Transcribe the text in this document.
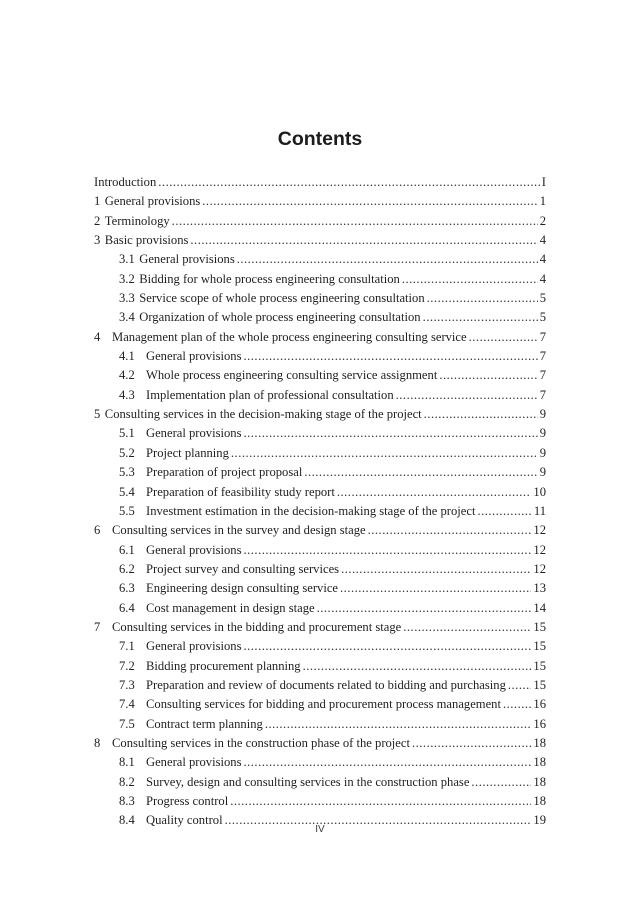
Contents
Introduction .....	I
1 General provisions .....	1
2 Terminology .....	2
3 Basic provisions .....	4
3.1 General provisions .....	4
3.2 Bidding for whole process engineering consultation .....	4
3.3 Service scope of whole process engineering consultation .....	5
3.4 Organization of whole process engineering consultation .....	5
4 Management plan of the whole process engineering consulting service .....	7
4.1 General provisions .....	7
4.2 Whole process engineering consulting service assignment .....	7
4.3 Implementation plan of professional consultation .....	7
5 Consulting services in the decision-making stage of the project .....	9
5.1 General provisions .....	9
5.2 Project planning .....	9
5.3 Preparation of project proposal .....	9
5.4 Preparation of feasibility study report .....	10
5.5 Investment estimation in the decision-making stage of the project .....	11
6 Consulting services in the survey and design stage .....	12
6.1 General provisions .....	12
6.2 Project survey and consulting services .....	12
6.3 Engineering design consulting service .....	13
6.4 Cost management in design stage .....	14
7 Consulting services in the bidding and procurement stage .....	15
7.1 General provisions .....	15
7.2 Bidding procurement planning .....	15
7.3 Preparation and review of documents related to bidding and purchasing ..... 15
7.4 Consulting services for bidding and procurement process management .....	16
7.5 Contract term planning .....	16
8 Consulting services in the construction phase of the project .....	18
8.1 General provisions .....	18
8.2 Survey, design and consulting services in the construction phase .....	18
8.3 Progress control .....	18
8.4 Quality control .....	19
IV
